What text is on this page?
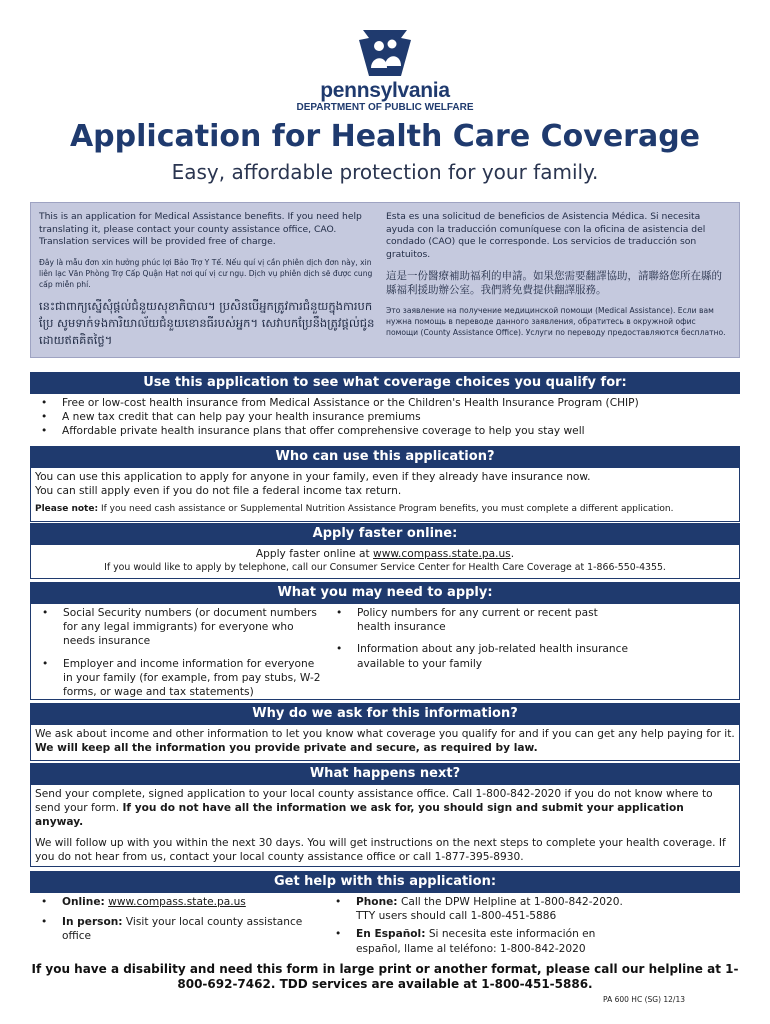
pennsylvania
DEPARTMENT OF PUBLIC WELFARE
Application for Health Care Coverage
Easy, affordable protection for your family.

This is an application for Medical Assistance benefits. If you need help translating it, please contact your county assistance office, CAO. Translation services will be provided free of charge.

Đây là mẫu đơn xin hưởng phúc lợi Bảo Trợ Y Tế. Nếu quí vị cần phiên dịch đơn này, xin liên lạc Văn Phòng Trợ Cấp Quận Hạt nơi quí vị cư ngụ. Dịch vụ phiên dịch sẽ được cung cấp miễn phí.

នេះជាពាក្យស្នើសុំផ្តល់ជំនួយសុខាភិបាល។ ប្រសិនបើអ្នកត្រូវការជំនួយក្នុងការបកប្រែ សូមទាក់ទងការិយាល័យជំនួយខោនធីរបស់អ្នក។ សេវាបកប្រែនឹងត្រូវផ្តល់ជូនដោយឥតគិតថ្លៃ។

Esta es una solicitud de beneficios de Asistencia Médica. Si necesita ayuda con la traducción comuníquese con la oficina de asistencia del condado (CAO) que le corresponde. Los servicios de traducción son gratuitos.

這是一份醫療補助福利的申請。如果您需要翻譯協助，請聯絡您所在縣的縣福利援助辦公室。我們將免費提供翻譯服務。

Это заявление на получение медицинской помощи (Medical Assistance). Если вам нужна помощь в переводе данного заявления, обратитесь в окружной офис помощи (County Assistance Office). Услуги по переводу предоставляются бесплатно.

Use this application to see what coverage choices you qualify for:
• Free or low-cost health insurance from Medical Assistance or the Children's Health Insurance Program (CHIP)
• A new tax credit that can help pay your health insurance premiums
• Affordable private health insurance plans that offer comprehensive coverage to help you stay well
Who can use this application?

You can use this application to apply for anyone in your family, even if they already have insurance now.

You can still apply even if you do not file a federal income tax return.

Please note: If you need cash assistance or Supplemental Nutrition Assistance Program benefits, you must complete a different application.

Apply faster online:

Apply faster online at www.compass.state.pa.us.

If you would like to apply by telephone, call our Consumer Service Center for Health Care Coverage at 1-866-550-4355.

What you may need to apply:
• Social Security numbers (or document numbers for any legal immigrants) for everyone who needs insurance
• Employer and income information for everyone in your family (for example, from pay stubs, W-2 forms, or wage and tax statements)
• Policy numbers for any current or recent past health insurance
• Information about any job-related health insurance available to your family
Why do we ask for this information?

We ask about income and other information to let you know what coverage you qualify for and if you can get any help paying for it. We will keep all the information you provide private and secure, as required by law.

What happens next?

Send your complete, signed application to your local county assistance office. Call 1-800-842-2020 if you do not know where to send your form. If you do not have all the information we ask for, you should sign and submit your application anyway.

We will follow up with you within the next 30 days. You will get instructions on the next steps to complete your health coverage. If you do not hear from us, contact your local county assistance office or call 1-877-395-8930.

Get help with this application:
• Online: www.compass.state.pa.us
• In person: Visit your local county assistance office
• Phone: Call the DPW Helpline at 1-800-842-2020. TTY users should call 1-800-451-5886
• En Español: Si necesita este información en español, llame al teléfono: 1-800-842-2020
If you have a disability and need this form in large print or another format, please call our helpline at 1-800-692-7462. TDD services are available at 1-800-451-5886.
PA 600 HC (SG) 12/13
